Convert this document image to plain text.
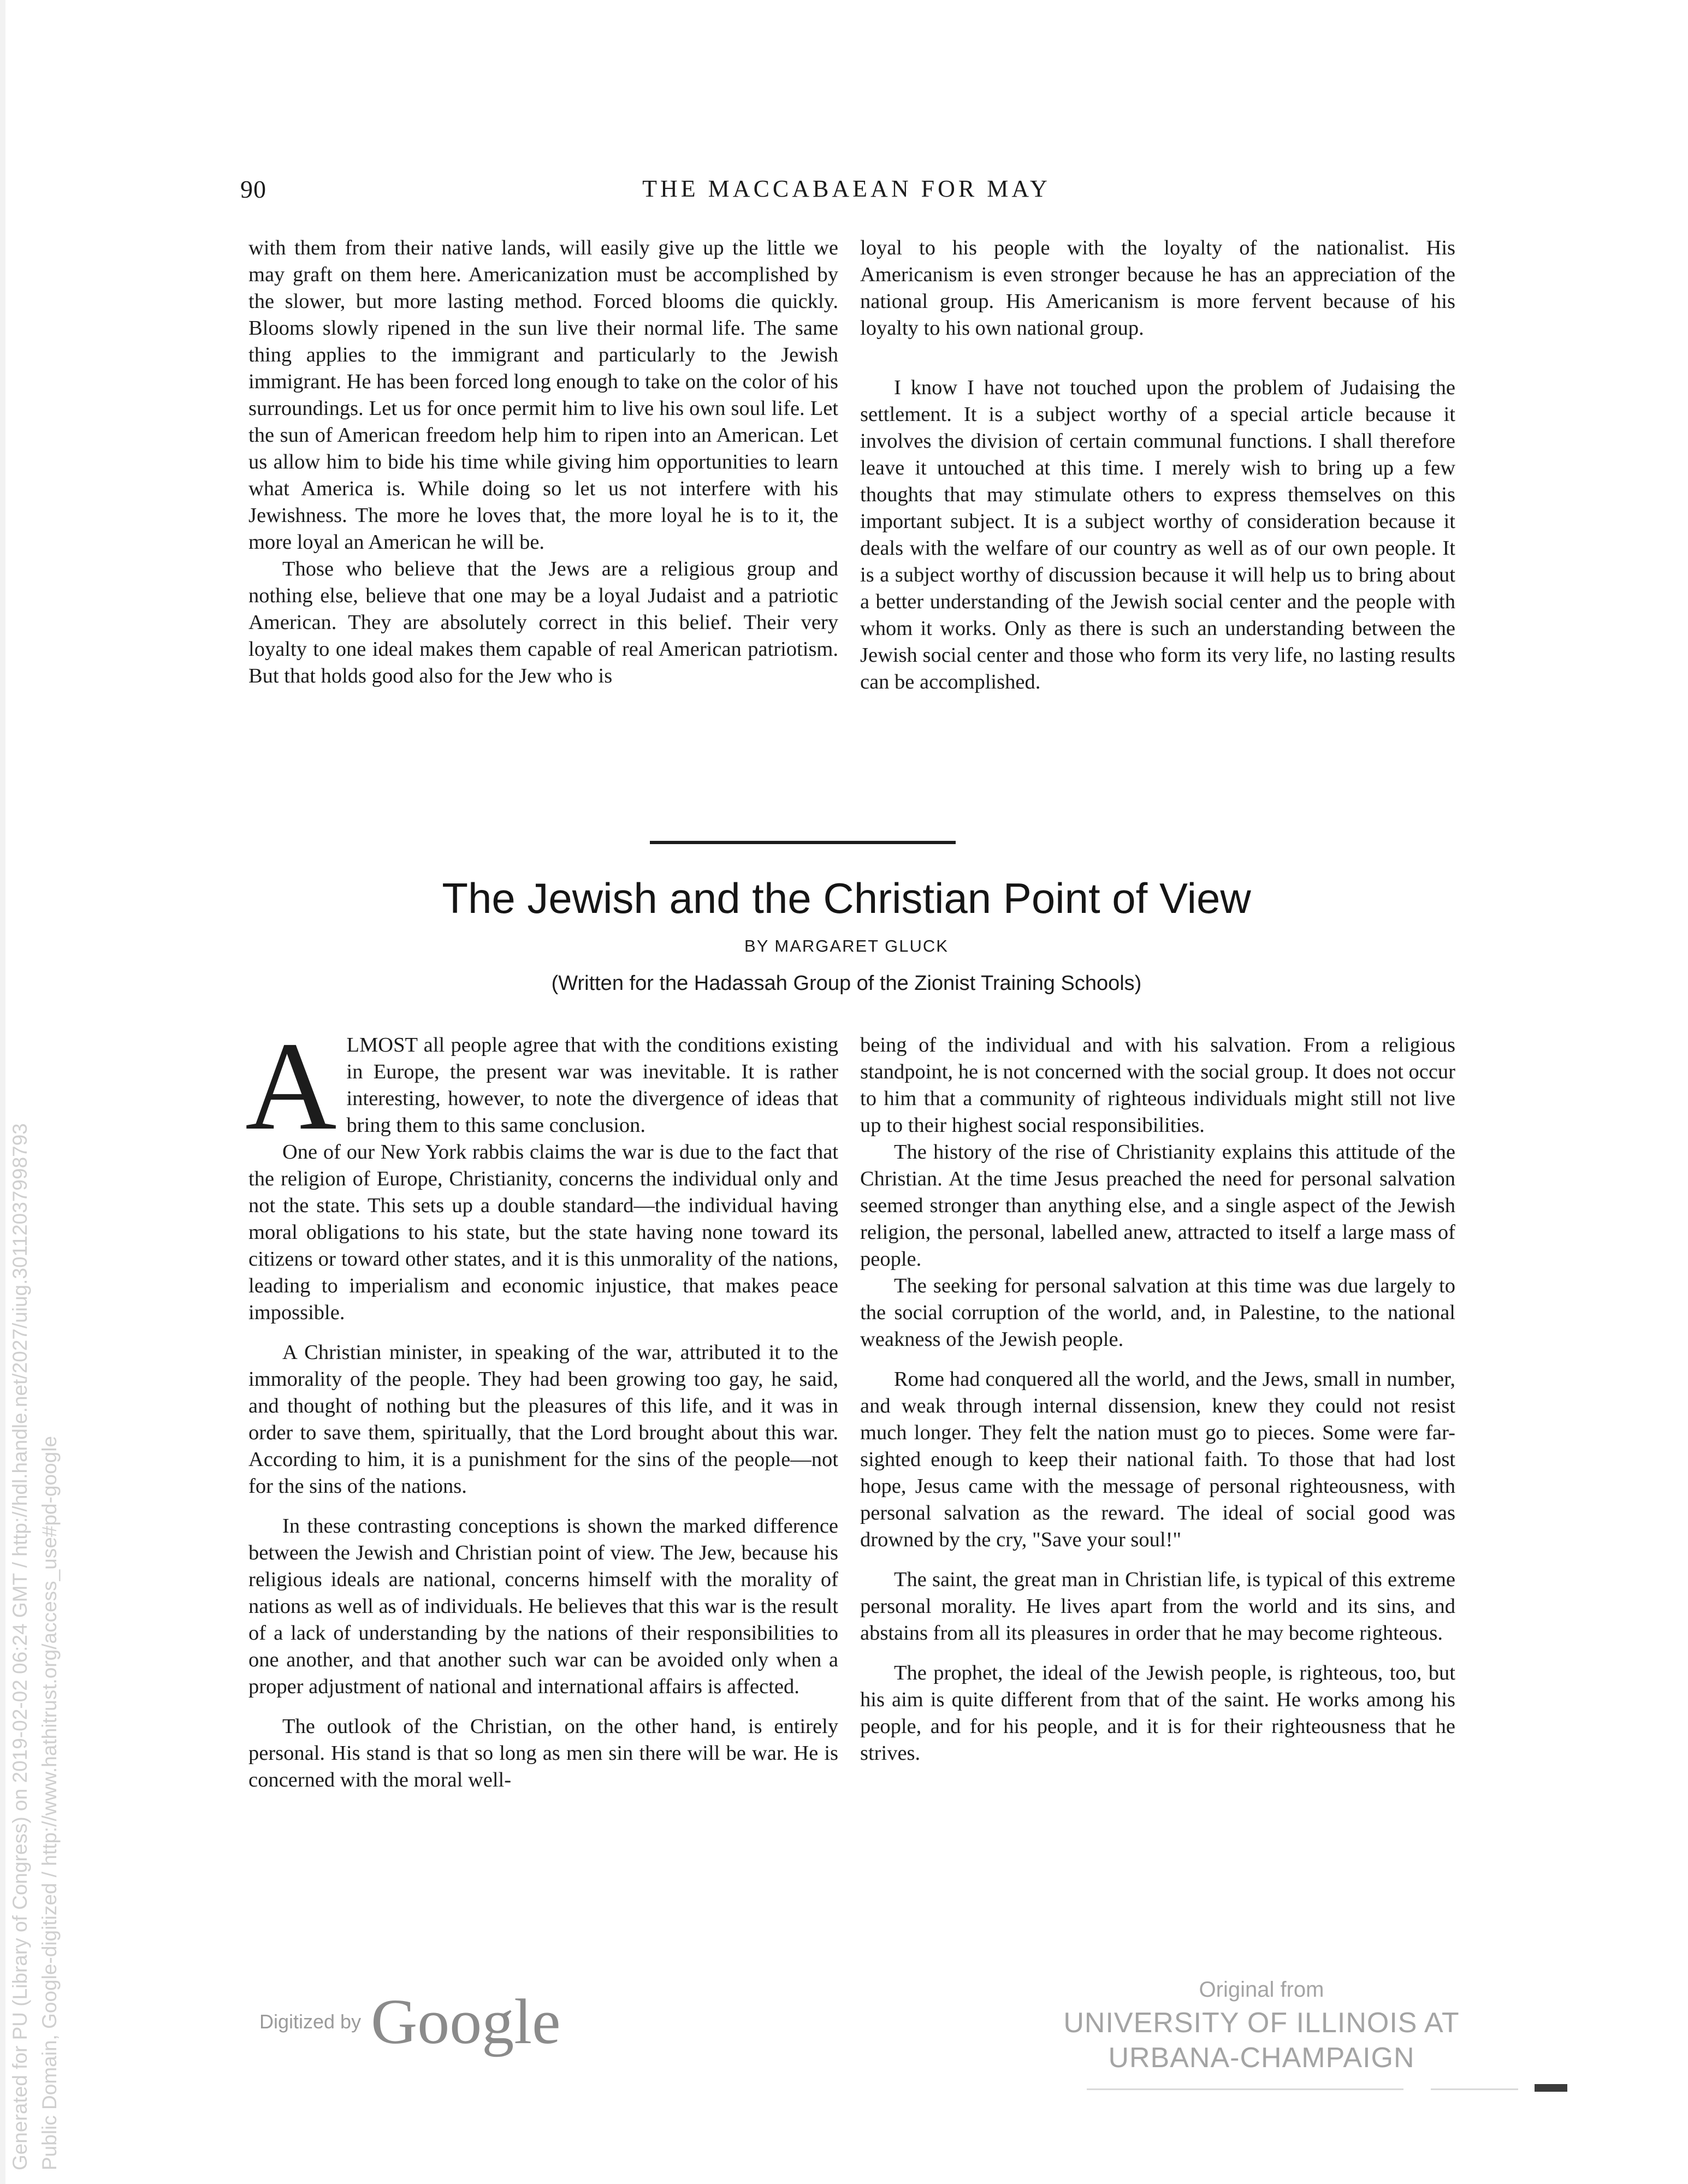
90	THE MACCABAEAN FOR MAY

with them from their native lands, will easily give up the little we may graft on them here. Americanization must be accomplished by the slower, but more lasting method. Forced blooms die quickly. Blooms slowly ripened in the sun live their normal life. The same thing applies to the immigrant and particularly to the Jewish immigrant. He has been forced long enough to take on the color of his surroundings. Let us for once permit him to live his own soul life. Let the sun of American freedom help him to ripen into an American. Let us allow him to bide his time while giving him opportunities to learn what America is. While doing so let us not interfere with his Jewishness. The more he loves that, the more loyal he is to it, the more loyal an American he will be.

Those who believe that the Jews are a religious group and nothing else, believe that one may be a loyal Judaist and a patriotic American. They are absolutely correct in this belief. Their very loyalty to one ideal makes them capable of real American patriotism. But that holds good also for the Jew who is

loyal to his people with the loyalty of the nationalist. His Americanism is even stronger because he has an appreciation of the national group. His Americanism is more fervent because of his loyalty to his own national group.

I know I have not touched upon the problem of Judaising the settlement. It is a subject worthy of a special article because it involves the division of certain communal functions. I shall therefore leave it untouched at this time. I merely wish to bring up a few thoughts that may stimulate others to express themselves on this important subject. It is a subject worthy of consideration because it deals with the welfare of our country as well as of our own people. It is a subject worthy of discussion because it will help us to bring about a better understanding of the Jewish social center and the people with whom it works. Only as there is such an understanding between the Jewish social center and those who form its very life, no lasting results can be accomplished.

The Jewish and the Christian Point of View
BY MARGARET GLUCK
(Written for the Hadassah Group of the Zionist Training Schools)

ALMOST all people agree that with the conditions existing in Europe, the present war was inevitable. It is rather interesting, however, to note the divergence of ideas that bring them to this same conclusion.

One of our New York rabbis claims the war is due to the fact that the religion of Europe, Christianity, concerns the individual only and not the state. This sets up a double standard—the individual having moral obligations to his state, but the state having none toward its citizens or toward other states, and it is this unmorality of the nations, leading to imperialism and economic injustice, that makes peace impossible.

A Christian minister, in speaking of the war, attributed it to the immorality of the people. They had been growing too gay, he said, and thought of nothing but the pleasures of this life, and it was in order to save them, spiritually, that the Lord brought about this war. According to him, it is a punishment for the sins of the people—not for the sins of the nations.

In these contrasting conceptions is shown the marked difference between the Jewish and Christian point of view. The Jew, because his religious ideals are national, concerns himself with the morality of nations as well as of individuals. He believes that this war is the result of a lack of understanding by the nations of their responsibilities to one another, and that another such war can be avoided only when a proper adjustment of national and international affairs is affected.

The outlook of the Christian, on the other hand, is entirely personal. His stand is that so long as men sin there will be war. He is concerned with the moral well-

being of the individual and with his salvation. From a religious standpoint, he is not concerned with the social group. It does not occur to him that a community of righteous individuals might still not live up to their highest social responsibilities.

The history of the rise of Christianity explains this attitude of the Christian. At the time Jesus preached the need for personal salvation seemed stronger than anything else, and a single aspect of the Jewish religion, the personal, labelled anew, attracted to itself a large mass of people.

The seeking for personal salvation at this time was due largely to the social corruption of the world, and, in Palestine, to the national weakness of the Jewish people.

Rome had conquered all the world, and the Jews, small in number, and weak through internal dissension, knew they could not resist much longer. They felt the nation must go to pieces. Some were far-sighted enough to keep their national faith. To those that had lost hope, Jesus came with the message of personal righteousness, with personal salvation as the reward. The ideal of social good was drowned by the cry, "Save your soul!"

The saint, the great man in Christian life, is typical of this extreme personal morality. He lives apart from the world and its sins, and abstains from all its pleasures in order that he may become righteous.

The prophet, the ideal of the Jewish people, is righteous, too, but his aim is quite different from that of the saint. He works among his people, and for his people, and it is for their righteousness that he strives.

Generated for PU (Library of Congress) on 2019-02-02 06:24 GMT / http://hdl.handle.net/2027/uiug.30112037998793 Public Domain, Google-digitized / http://www.hathitrust.org/access_use#pd-google	Digitized by Google	Original from
UNIVERSITY OF ILLINOIS AT
URBANA-CHAMPAIGN
